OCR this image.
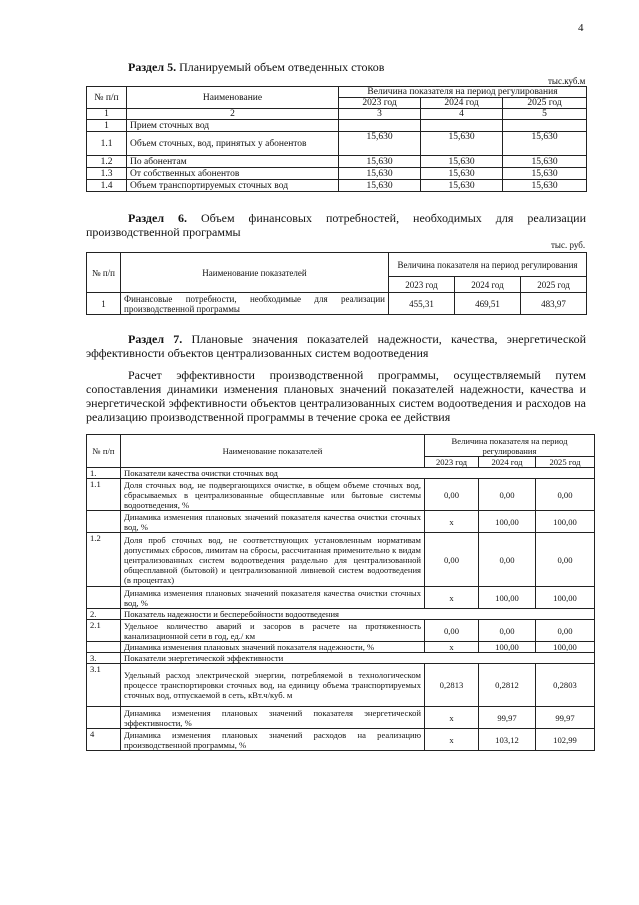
4
Раздел 5. Планируемый объем отведенных стоков
тыс.куб.м
№ п/п	Наименование	Величина показателя на период регулирования		
		2023 год	2024 год	2025 год
1	2	3	4	5
1	Прием сточных вод			
1.1	Объем сточных, вод, принятых у абонентов	15,630	15,630	15,630
1.2	По абонентам	15,630	15,630	15,630
1.3	От собственных абонентов	15,630	15,630	15,630
1.4	Объем транспортируемых сточных вод	15,630	15,630	15,630
Раздел 6. Объем финансовых потребностей, необходимых для реализации производственной программы
тыс. руб.
№ п/п	Наименование показателей	Величина показателя на период регулирования		
		2023 год	2024 год	2025 год
1	Финансовые потребности, необходимые для реализации производственной программы	455,31	469,51	483,97
Раздел 7. Плановые значения показателей надежности, качества, энергетической эффективности объектов централизованных систем водоотведения
Расчет эффективности производственной программы, осуществляемый путем сопоставления динамики изменения плановых значений показателей надежности, качества и энергетической эффективности объектов централизованных систем водоотведения и расходов на реализацию производственной программы в течение срока ее действия
№ п/п	Наименование показателей	Величина показателя на период регулирования		
		2023 год	2024 год	2025 год
1.	Показатели качества очистки сточных вод			
1.1	Доля сточных вод, не подвергающихся очистке, в общем объеме сточных вод, сбрасываемых в централизованные общесплавные или бытовые системы водоотведения, %	0,00	0,00	0,00
	Динамика изменения плановых значений показателя качества очистки сточных вод, %	х	100,00	100,00
1.2	Доля проб сточных вод, не соответствующих установленным нормативам допустимых сбросов, лимитам на сбросы, рассчитанная применительно к видам централизованных систем водоотведения раздельно для централизованной общесплавной (бытовой) и централизованной ливневой систем водоотведения (в процентах)	0,00	0,00	0,00
	Динамика изменения плановых значений показателя качества очистки сточных вод, %	х	100,00	100,00
2.	Показатель надежности и бесперебойности водоотведения			
2.1	Удельное количество аварий и засоров в расчете на протяженность канализационной сети в год, ед./ км	0,00	0,00	0,00
	Динамика изменения плановых значений показателя надежности, %	х	100,00	100,00
3.	Показатели энергетической эффективности			
3.1	Удельный расход электрической энергии, потребляемой в технологическом процессе транспортировки сточных вод, на единицу объема транспортируемых сточных вод, отпускаемой в сеть, кВт.ч/куб. м	0,2813	0,2812	0,2803
	Динамика изменения плановых значений показателя энергетической эффективности, %	х	99,97	99,97
4	Динамика изменения плановых значений расходов на реализацию производственной программы, %	х	103,12	102,99
